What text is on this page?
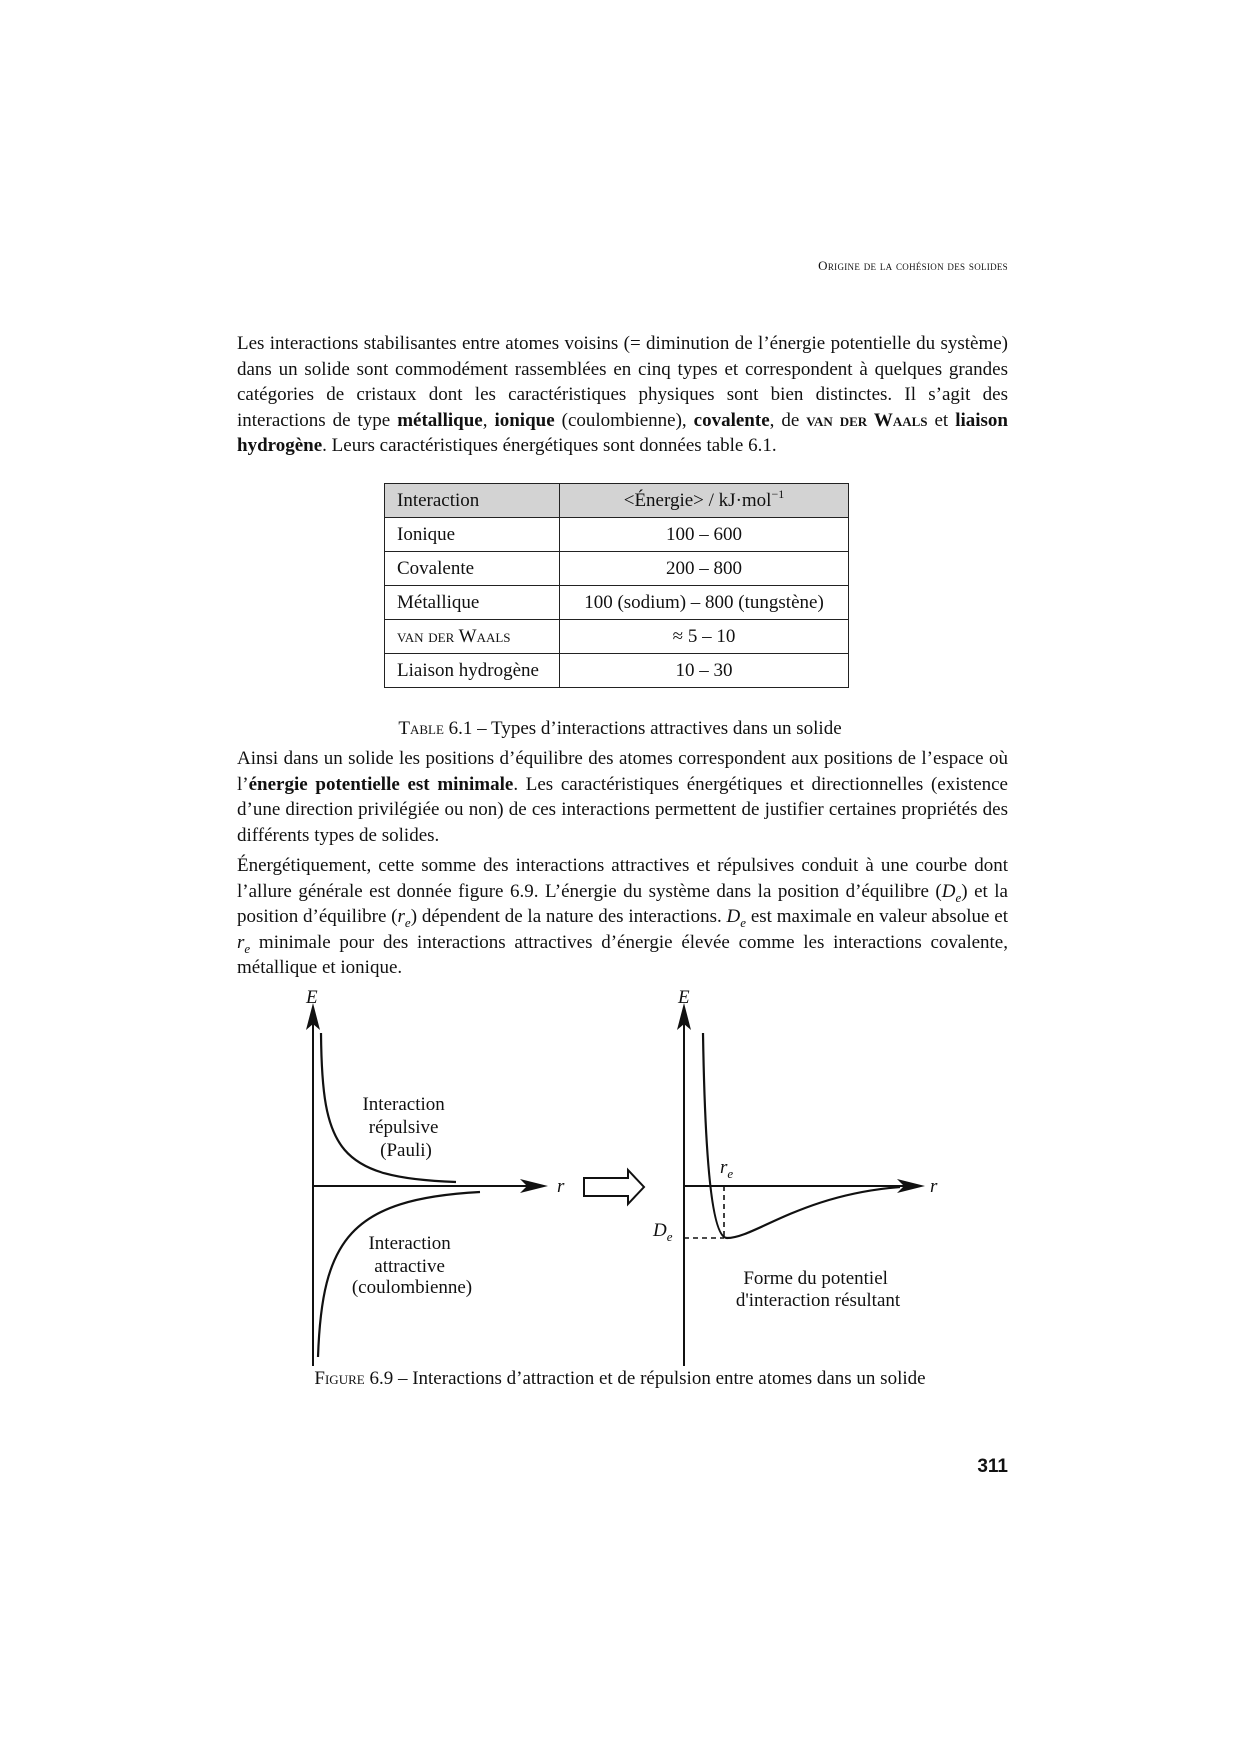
Origine de la cohésion des solides

Les interactions stabilisantes entre atomes voisins (= diminution de l’énergie potentielle du système) dans un solide sont commodément rassemblées en cinq types et correspondent à quelques grandes catégories de cristaux dont les caractéristiques physiques sont bien distinctes. Il s’agit des interactions de type métallique, ionique (coulombienne), covalente, de van der Waals et liaison hydrogène. Leurs caractéristiques énergétiques sont données table 6.1.

Interaction	<Énergie> / kJ·mol$^{-1}$
Ionique	100 – 600
Covalente	200 – 800
Métallique	100 (sodium) – 800 (tungstène)
van der Waals	≈ 5 – 10
Liaison hydrogène	10 – 30
Table 6.1 – Types d’interactions attractives dans un solide

Ainsi dans un solide les positions d’équilibre des atomes correspondent aux positions de l’espace où l’énergie potentielle est minimale. Les caractéristiques énergétiques et directionnelles (existence d’une direction privilégiée ou non) de ces interactions permettent de justifier certaines propriétés des différents types de solides.

Énergétiquement, cette somme des interactions attractives et répulsives conduit à une courbe dont l’allure générale est donnée figure 6.9. L’énergie du système dans la position d’équilibre $(D_e)$ et la position d’équilibre $(r_e)$ dépendent de la nature des interactions. $D_e$ est maximale en valeur absolue et $r_e$ minimale pour des interactions attractives d’énergie élevée comme les interactions covalente, métallique et ionique.

E
r
Interaction répulsive (Pauli)
Interaction attractive (coulombienne)
E
r
$r_e$
$D_e$
Forme du potentiel d'interaction résultant
Figure 6.9 – Interactions d’attraction et de répulsion entre atomes dans un solide
311
